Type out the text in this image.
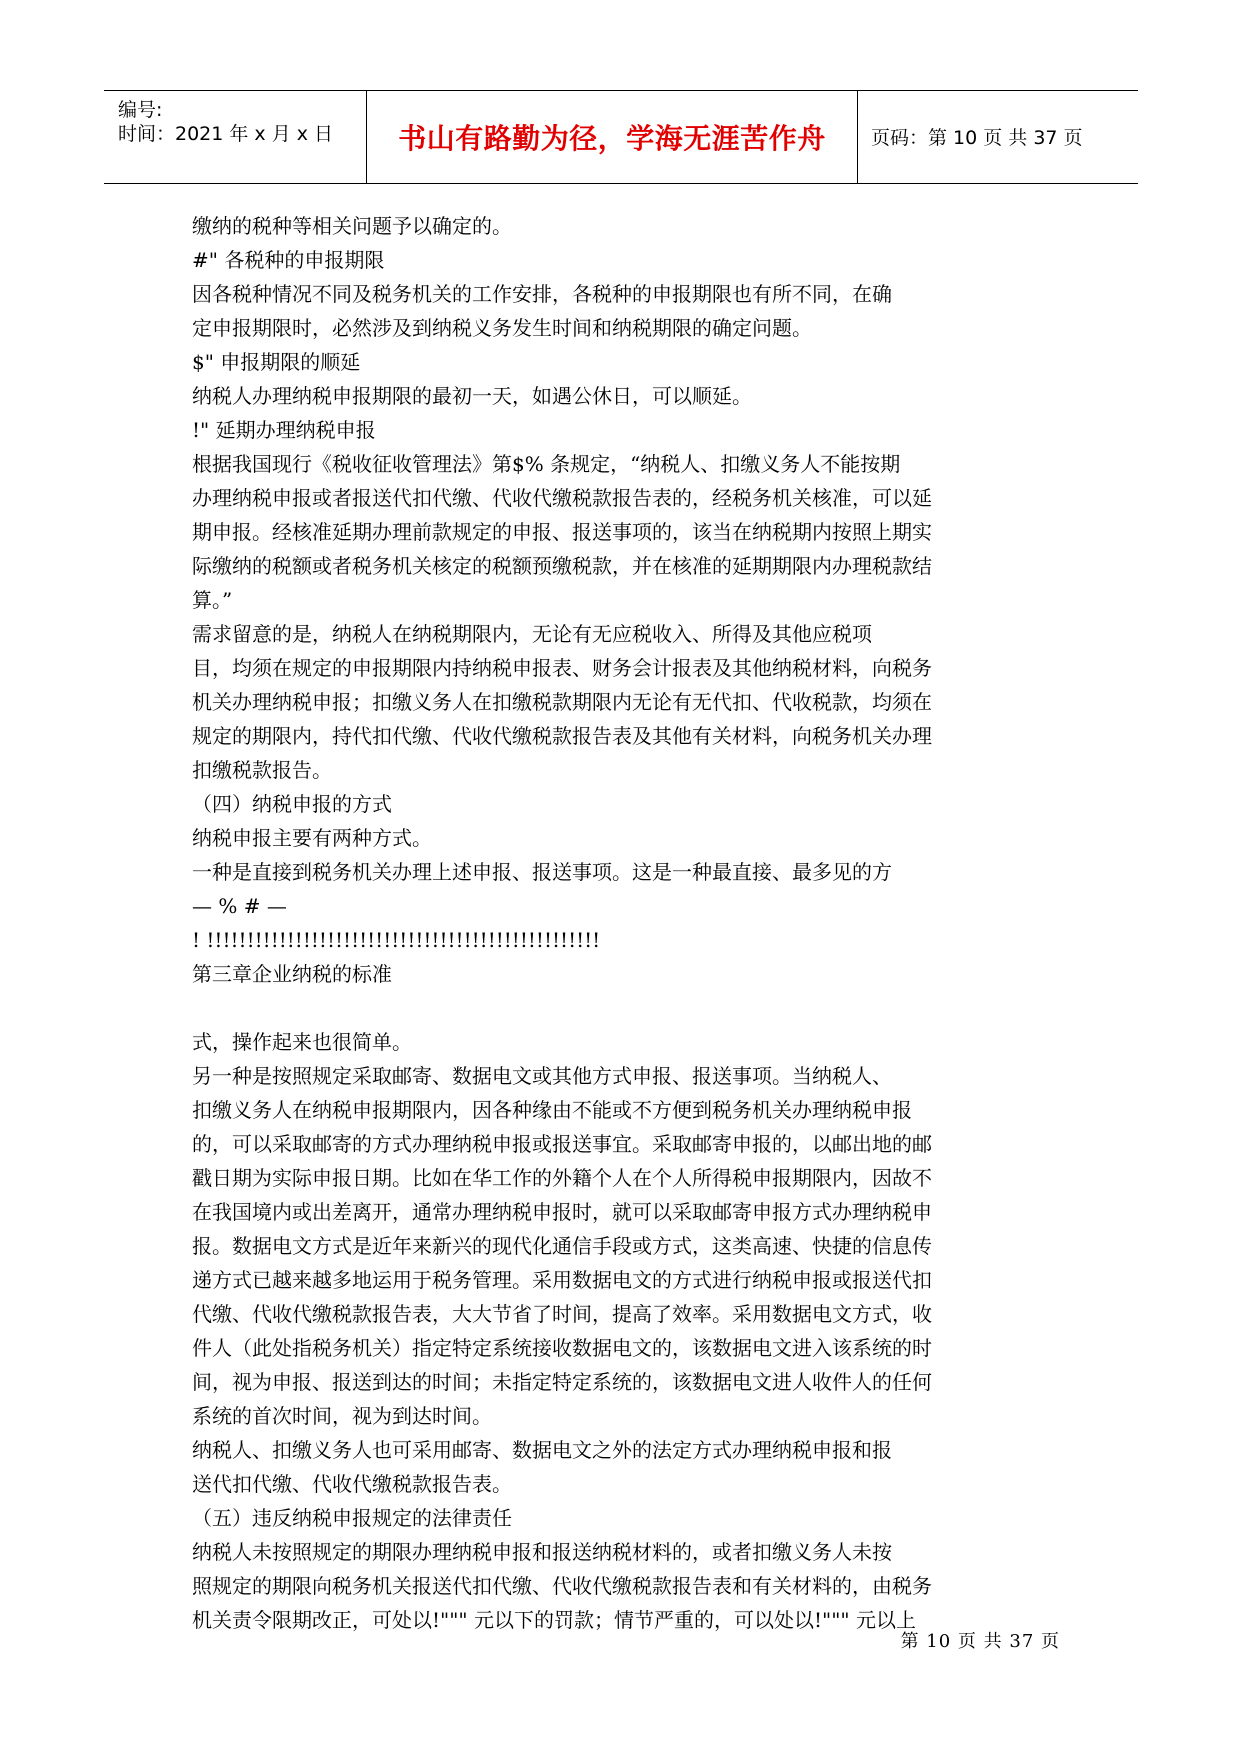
编号:
时间：2021 年 x 月 x 日	书山有路勤为径，学海无涯苦作舟	页码：第 10 页 共 37 页
缴纳的税种等相关问题予以确定的。
#" 各税种的申报期限
因各税种情况不同及税务机关的工作安排，各税种的申报期限也有所不同，在确
定申报期限时，必然涉及到纳税义务发生时间和纳税期限的确定问题。
$" 申报期限的顺延
纳税人办理纳税申报期限的最初一天，如遇公休日，可以顺延。
!" 延期办理纳税申报
根据我国现行《税收征收管理法》第$% 条规定，“纳税人、扣缴义务人不能按期
办理纳税申报或者报送代扣代缴、代收代缴税款报告表的，经税务机关核准，可以延
期申报。经核准延期办理前款规定的申报、报送事项的，该当在纳税期内按照上期实
际缴纳的税额或者税务机关核定的税额预缴税款，并在核准的延期期限内办理税款结
算。”
需求留意的是，纳税人在纳税期限内，无论有无应税收入、所得及其他应税项
目，均须在规定的申报期限内持纳税申报表、财务会计报表及其他纳税材料，向税务
机关办理纳税申报；扣缴义务人在扣缴税款期限内无论有无代扣、代收税款，均须在
规定的期限内，持代扣代缴、代收代缴税款报告表及其他有关材料，向税务机关办理
扣缴税款报告。
（四）纳税申报的方式
纳税申报主要有两种方式。
一种是直接到税务机关办理上述申报、报送事项。这是一种最直接、最多见的方
— % # —
! !!!!!!!!!!!!!!!!!!!!!!!!!!!!!!!!!!!!!!!!!!!!!!!!!
第三章企业纳税的标准
式，操作起来也很简单。
另一种是按照规定采取邮寄、数据电文或其他方式申报、报送事项。当纳税人、
扣缴义务人在纳税申报期限内，因各种缘由不能或不方便到税务机关办理纳税申报
的，可以采取邮寄的方式办理纳税申报或报送事宜。采取邮寄申报的，以邮出地的邮
戳日期为实际申报日期。比如在华工作的外籍个人在个人所得税申报期限内，因故不
在我国境内或出差离开，通常办理纳税申报时，就可以采取邮寄申报方式办理纳税申
报。数据电文方式是近年来新兴的现代化通信手段或方式，这类高速、快捷的信息传
递方式已越来越多地运用于税务管理。采用数据电文的方式进行纳税申报或报送代扣
代缴、代收代缴税款报告表，大大节省了时间，提高了效率。采用数据电文方式，收
件人（此处指税务机关）指定特定系统接收数据电文的，该数据电文进入该系统的时
间，视为申报、报送到达的时间；未指定特定系统的，该数据电文进人收件人的任何
系统的首次时间，视为到达时间。
纳税人、扣缴义务人也可采用邮寄、数据电文之外的法定方式办理纳税申报和报
送代扣代缴、代收代缴税款报告表。
（五）违反纳税申报规定的法律责任
纳税人未按照规定的期限办理纳税申报和报送纳税材料的，或者扣缴义务人未按
照规定的期限向税务机关报送代扣代缴、代收代缴税款报告表和有关材料的，由税务
机关责令限期改正，可处以!""" 元以下的罚款；情节严重的，可以处以!""" 元以上
第 10 页 共 37 页
